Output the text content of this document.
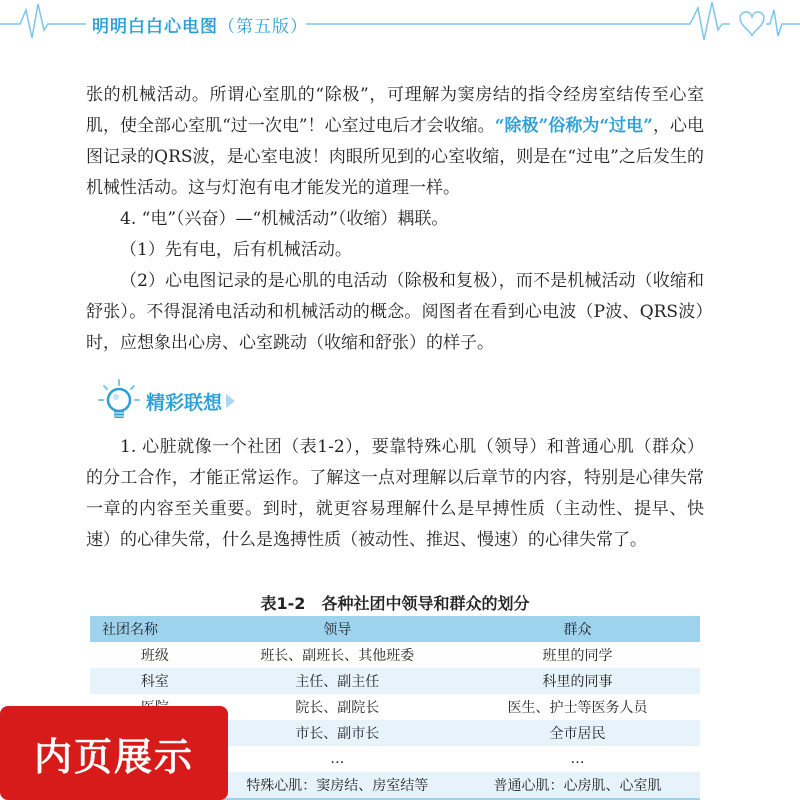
明明白白心电图（第五版）

张的机械活动。所谓心室肌的“除极”，可理解为窦房结的指令经房室结传至心室肌，使全部心室肌“过一次电”！心室过电后才会收缩。“除极”俗称为“过电”，心电图记录的QRS波，是心室电波！肉眼所见到的心室收缩，则是在“过电”之后发生的机械性活动。这与灯泡有电才能发光的道理一样。

4. “电”（兴奋）—“机械活动”（收缩）耦联。

（1）先有电，后有机械活动。

（2）心电图记录的是心肌的电活动（除极和复极），而不是机械活动（收缩和舒张）。不得混淆电活动和机械活动的概念。阅图者在看到心电波（P波、QRS波）时，应想象出心房、心室跳动（收缩和舒张）的样子。

精彩联想

1. 心脏就像一个社团（表1-2），要靠特殊心肌（领导）和普通心肌（群众）的分工合作，才能正常运作。了解这一点对理解以后章节的内容，特别是心律失常一章的内容至关重要。到时，就更容易理解什么是早搏性质（主动性、提早、快速）的心律失常，什么是逸搏性质（被动性、推迟、慢速）的心律失常了。

表1-2　各种社团中领导和群众的划分
社团名称	领导	群众
班级	班长、副班长、其他班委	班里的同学
科室	主任、副主任	科里的同事
	院长、副院长	医生、护士等医务人员
	市长、副市长	全市居民
	…	…
	特殊心肌：窦房结、房室结等	普通心肌：心房肌、心室肌
内页展示
